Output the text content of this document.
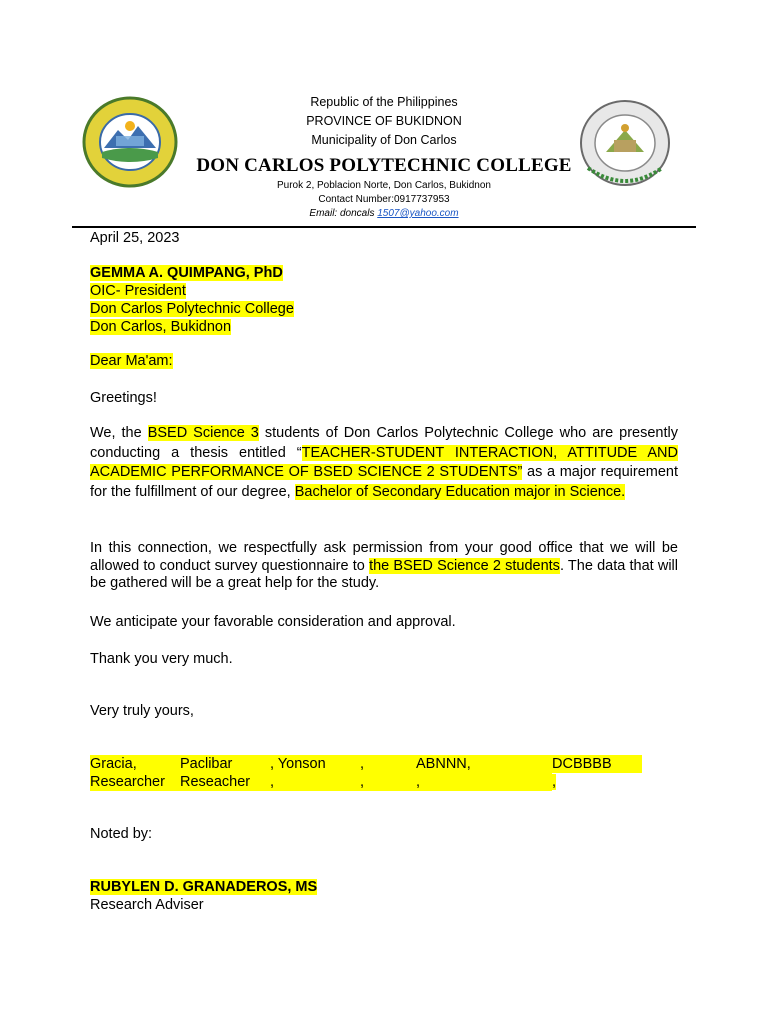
Republic of the Philippines
PROVINCE OF BUKIDNON
Municipality of Don Carlos
DON CARLOS POLYTECHNIC COLLEGE
Purok 2, Poblacion Norte, Don Carlos, Bukidnon
Contact Number:0917737953
Email: doncals 1507@yahoo.com
April 25, 2023
GEMMA A. QUIMPANG, PhD
OIC- President
Don Carlos Polytechnic College
Don Carlos, Bukidnon
Dear Ma'am:
Greetings!
We, the BSED Science 3 students of Don Carlos Polytechnic College who are presently conducting a thesis entitled “TEACHER-STUDENT INTERACTION, ATTITUDE AND ACADEMIC PERFORMANCE OF BSED SCIENCE 2 STUDENTS” as a major requirement for the fulfillment of our degree, Bachelor of Secondary Education major in Science.
In this connection, we respectfully ask permission from your good office that we will be allowed to conduct survey questionnaire to the BSED Science 2 students. The data that will be gathered will be a great help for the study.
We anticipate your favorable consideration and approval.
Thank you very much.
Very truly yours,
Gracia,	Paclibar	, Yonson	,	ABNNN,	DCBBBB
Researcher	Reseacher	,	,	,	,
Noted by:
RUBYLEN D. GRANADEROS, MS
Research Adviser
